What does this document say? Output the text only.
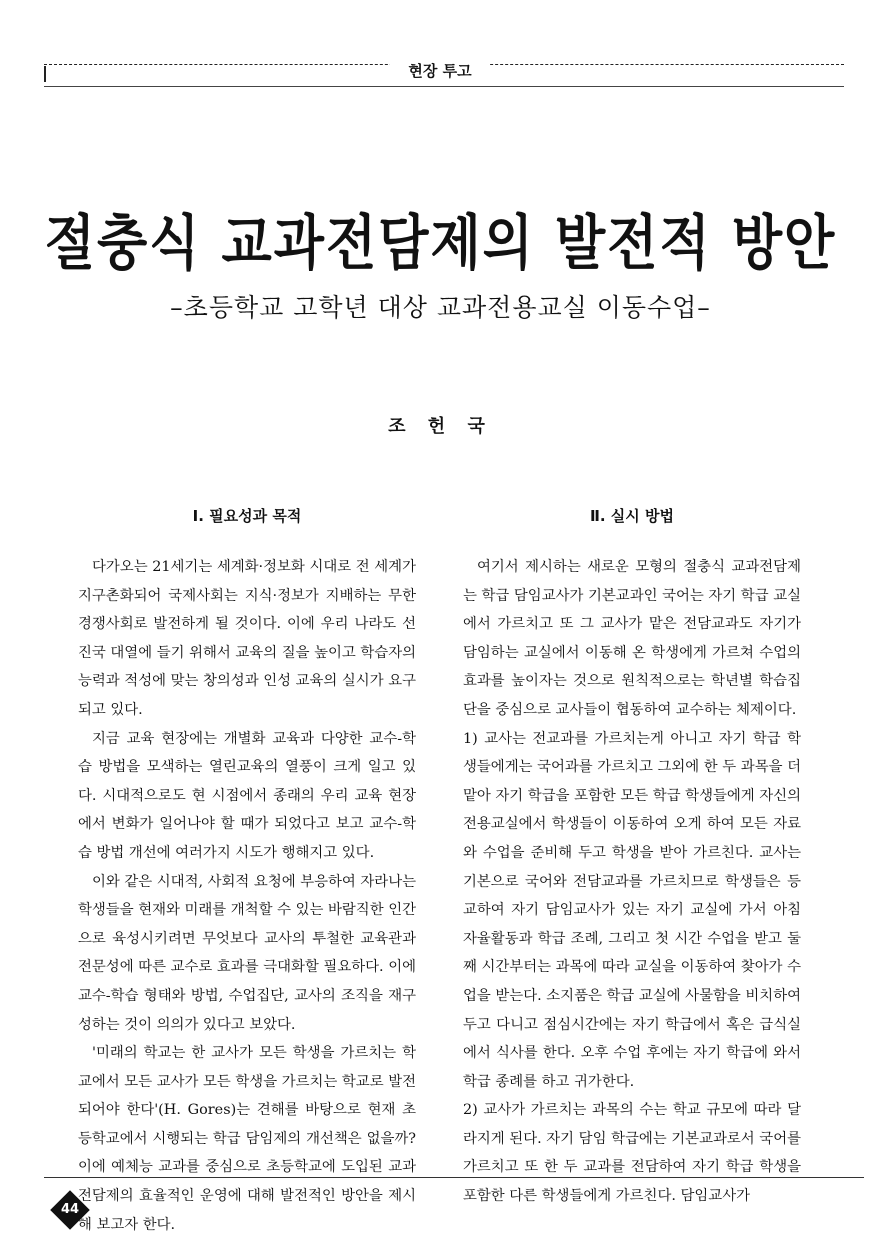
현장 투고
절충식 교과전담제의 발전적 방안
–초등학교 고학년 대상 교과전용교실 이동수업–
조 헌 국
Ⅰ. 필요성과 목적

다가오는 21세기는 세계화·정보화 시대로 전 세계가 지구촌화되어 국제사회는 지식·정보가 지배하는 무한경쟁사회로 발전하게 될 것이다. 이에 우리 나라도 선진국 대열에 들기 위해서 교육의 질을 높이고 학습자의 능력과 적성에 맞는 창의성과 인성 교육의 실시가 요구되고 있다.

지금 교육 현장에는 개별화 교육과 다양한 교수-학습 방법을 모색하는 열린교육의 열풍이 크게 일고 있다. 시대적으로도 현 시점에서 종래의 우리 교육 현장에서 변화가 일어나야 할 때가 되었다고 보고 교수-학습 방법 개선에 여러가지 시도가 행해지고 있다.

이와 같은 시대적, 사회적 요청에 부응하여 자라나는 학생들을 현재와 미래를 개척할 수 있는 바람직한 인간으로 육성시키려면 무엇보다 교사의 투철한 교육관과 전문성에 따른 교수로 효과를 극대화할 필요하다. 이에 교수-학습 형태와 방법, 수업집단, 교사의 조직을 재구성하는 것이 의의가 있다고 보았다.

'미래의 학교는 한 교사가 모든 학생을 가르치는 학교에서 모든 교사가 모든 학생을 가르치는 학교로 발전되어야 한다'(H. Gores)는 견해를 바탕으로 현재 초등학교에서 시행되는 학급 담임제의 개선책은 없을까? 이에 예체능 교과를 중심으로 초등학교에 도입된 교과전담제의 효율적인 운영에 대해 발전적인 방안을 제시해 보고자 한다.

Ⅱ. 실시 방법

여기서 제시하는 새로운 모형의 절충식 교과전담제는 학급 담임교사가 기본교과인 국어는 자기 학급 교실에서 가르치고 또 그 교사가 맡은 전담교과도 자기가 담임하는 교실에서 이동해 온 학생에게 가르쳐 수업의 효과를 높이자는 것으로 원칙적으로는 학년별 학습집단을 중심으로 교사들이 협동하여 교수하는 체제이다.

1) 교사는 전교과를 가르치는게 아니고 자기 학급 학생들에게는 국어과를 가르치고 그외에 한 두 과목을 더 맡아 자기 학급을 포함한 모든 학급 학생들에게 자신의 전용교실에서 학생들이 이동하여 오게 하여 모든 자료와 수업을 준비해 두고 학생을 받아 가르친다. 교사는 기본으로 국어와 전담교과를 가르치므로 학생들은 등교하여 자기 담임교사가 있는 자기 교실에 가서 아침 자율활동과 학급 조례, 그리고 첫 시간 수업을 받고 둘째 시간부터는 과목에 따라 교실을 이동하여 찾아가 수업을 받는다. 소지품은 학급 교실에 사물함을 비치하여 두고 다니고 점심시간에는 자기 학급에서 혹은 급식실에서 식사를 한다. 오후 수업 후에는 자기 학급에 와서 학급 종례를 하고 귀가한다.

2) 교사가 가르치는 과목의 수는 학교 규모에 따라 달라지게 된다. 자기 담임 학급에는 기본교과로서 국어를 가르치고 또 한 두 교과를 전담하여 자기 학급 학생을 포함한 다른 학생들에게 가르친다. 담임교사가

44
